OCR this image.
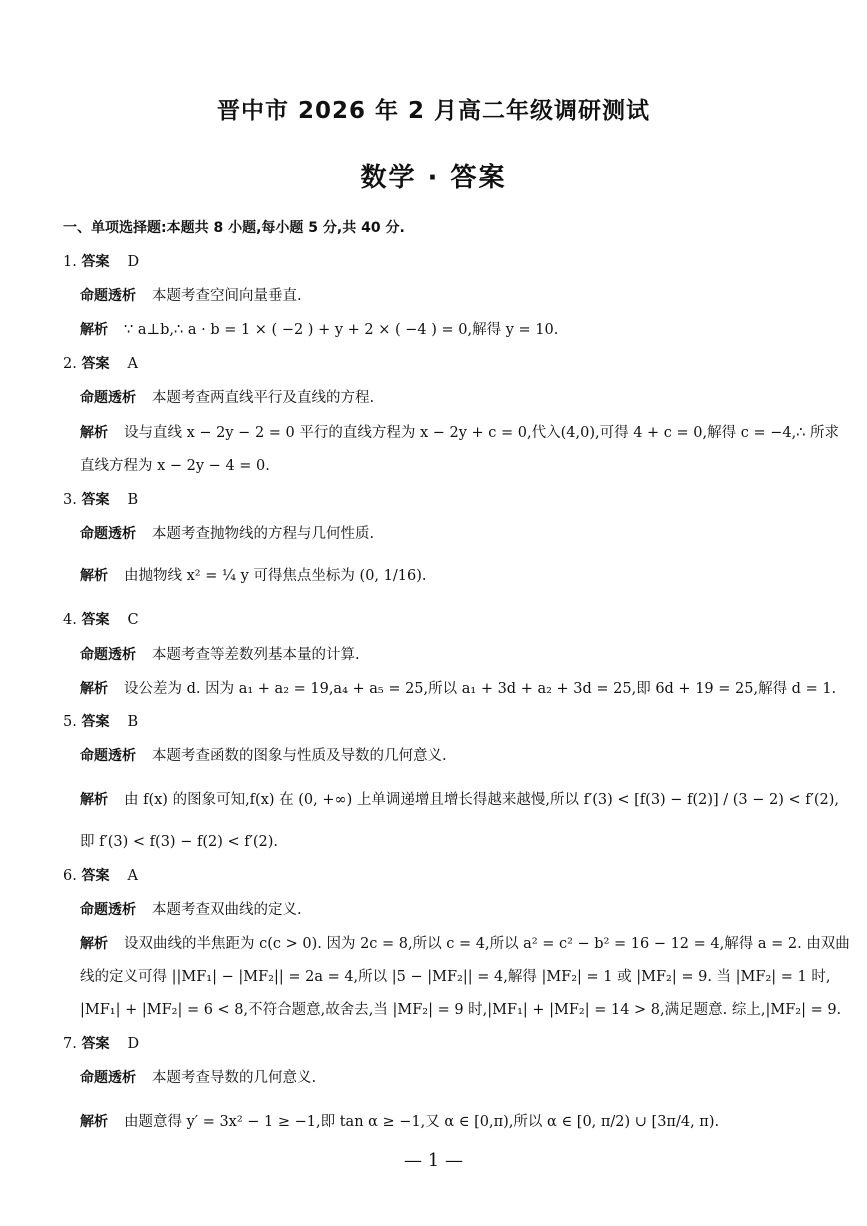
晋中市 2026 年 2 月高二年级调研测试
数学 · 答案
一、单项选择题:本题共 8 小题,每小题 5 分,共 40 分.
1. 答案 D
命题透析 本题考查空间向量垂直.
解析 ∵ a⊥b,∴ a · b = 1 × ( −2 ) + y + 2 × ( −4 ) = 0,解得 y = 10.
2. 答案 A
命题透析 本题考查两直线平行及直线的方程.
解析 设与直线 x − 2y − 2 = 0 平行的直线方程为 x − 2y + c = 0,代入(4,0),可得 4 + c = 0,解得 c = −4,∴ 所求
直线方程为 x − 2y − 4 = 0.
3. 答案 B
命题透析 本题考查抛物线的方程与几何性质.
解析 由抛物线 x² = ¼ y 可得焦点坐标为 (0, 1/16).
4. 答案 C
命题透析 本题考查等差数列基本量的计算.
解析 设公差为 d. 因为 a₁ + a₂ = 19,a₄ + a₅ = 25,所以 a₁ + 3d + a₂ + 3d = 25,即 6d + 19 = 25,解得 d = 1.
5. 答案 B
命题透析 本题考查函数的图象与性质及导数的几何意义.
解析 由 f(x) 的图象可知,f(x) 在 (0, +∞) 上单调递增且增长得越来越慢,所以 f′(3) < [f(3) − f(2)] / (3 − 2) < f′(2),
即 f′(3) < f(3) − f(2) < f′(2).
6. 答案 A
命题透析 本题考查双曲线的定义.
解析 设双曲线的半焦距为 c(c > 0). 因为 2c = 8,所以 c = 4,所以 a² = c² − b² = 16 − 12 = 4,解得 a = 2. 由双曲
线的定义可得 ||MF₁| − |MF₂|| = 2a = 4,所以 |5 − |MF₂|| = 4,解得 |MF₂| = 1 或 |MF₂| = 9. 当 |MF₂| = 1 时,
|MF₁| + |MF₂| = 6 < 8,不符合题意,故舍去,当 |MF₂| = 9 时,|MF₁| + |MF₂| = 14 > 8,满足题意. 综上,|MF₂| = 9.
7. 答案 D
命题透析 本题考查导数的几何意义.
解析 由题意得 y′ = 3x² − 1 ≥ −1,即 tan α ≥ −1,又 α ∈ [0,π),所以 α ∈ [0, π/2) ∪ [3π/4, π).
— 1 —
